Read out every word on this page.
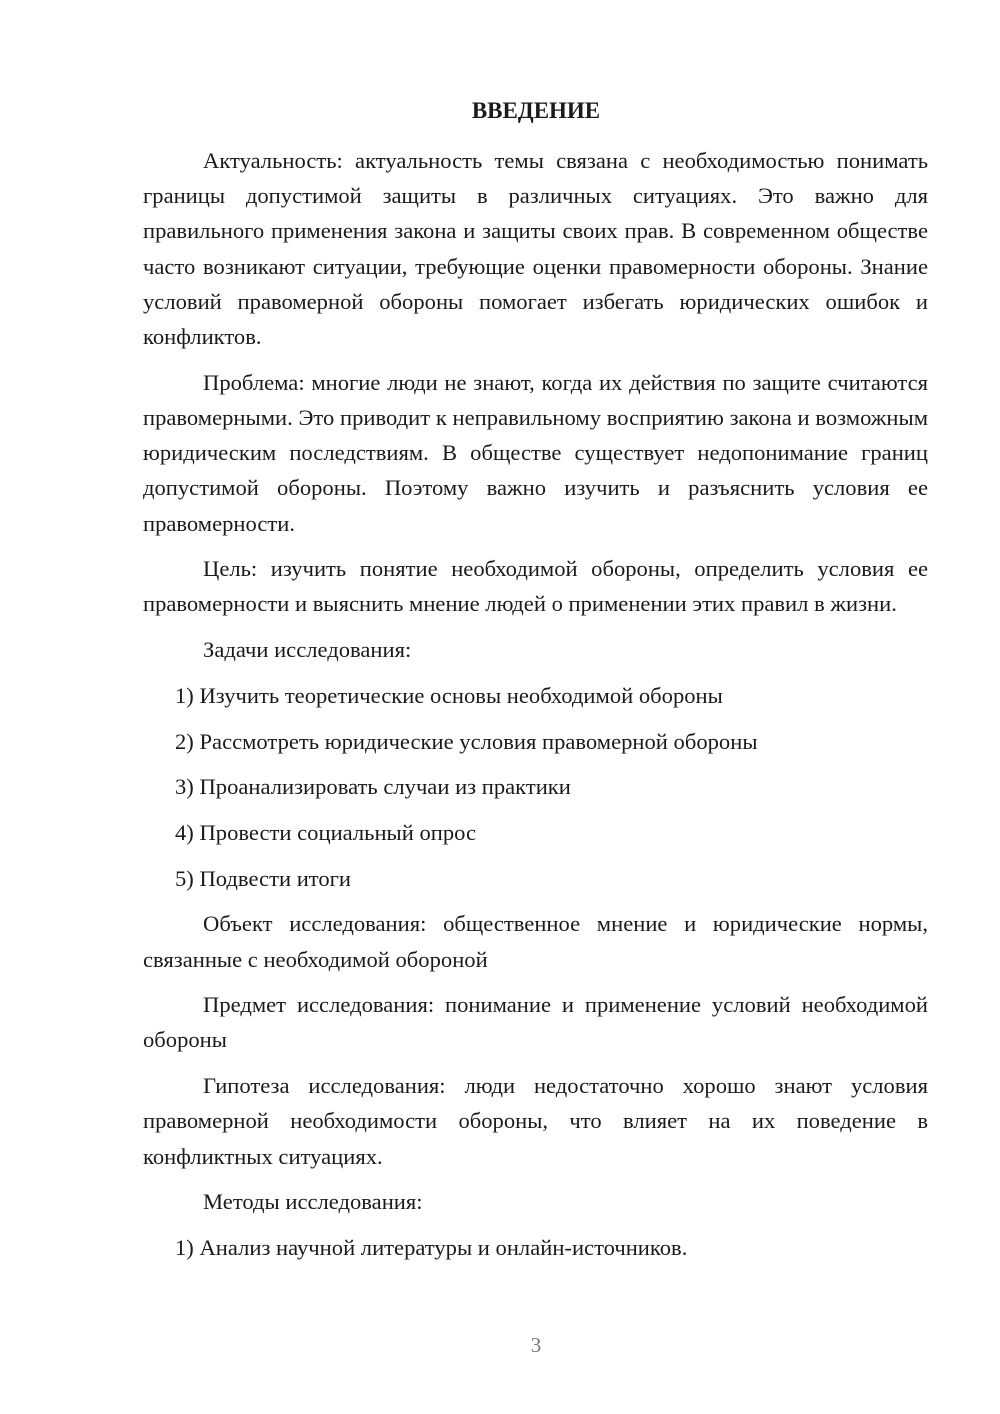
ВВЕДЕНИЕ

Актуальность: актуальность темы связана с необходимостью понимать границы допустимой защиты в различных ситуациях. Это важно для правильного применения закона и защиты своих прав. В современном обществе часто возникают ситуации, требующие оценки правомерности обороны. Знание условий правомерной обороны помогает избегать юридических ошибок и конфликтов.

Проблема: многие люди не знают, когда их действия по защите считаются правомерными. Это приводит к неправильному восприятию закона и возможным юридическим последствиям. В обществе существует недопонимание границ допустимой обороны. Поэтому важно изучить и разъяснить условия ее правомерности.

Цель: изучить понятие необходимой обороны, определить условия ее правомерности и выяснить мнение людей о применении этих правил в жизни.

Задачи исследования:

1) Изучить теоретические основы необходимой обороны
2) Рассмотреть юридические условия правомерной обороны
3) Проанализировать случаи из практики
4) Провести социальный опрос
5) Подвести итоги

Объект исследования: общественное мнение и юридические нормы, связанные с необходимой обороной

Предмет исследования: понимание и применение условий необходимой обороны

Гипотеза исследования: люди недостаточно хорошо знают условия правомерной необходимости обороны, что влияет на их поведение в конфликтных ситуациях.

Методы исследования:

1) Анализ научной литературы и онлайн-источников.
3
